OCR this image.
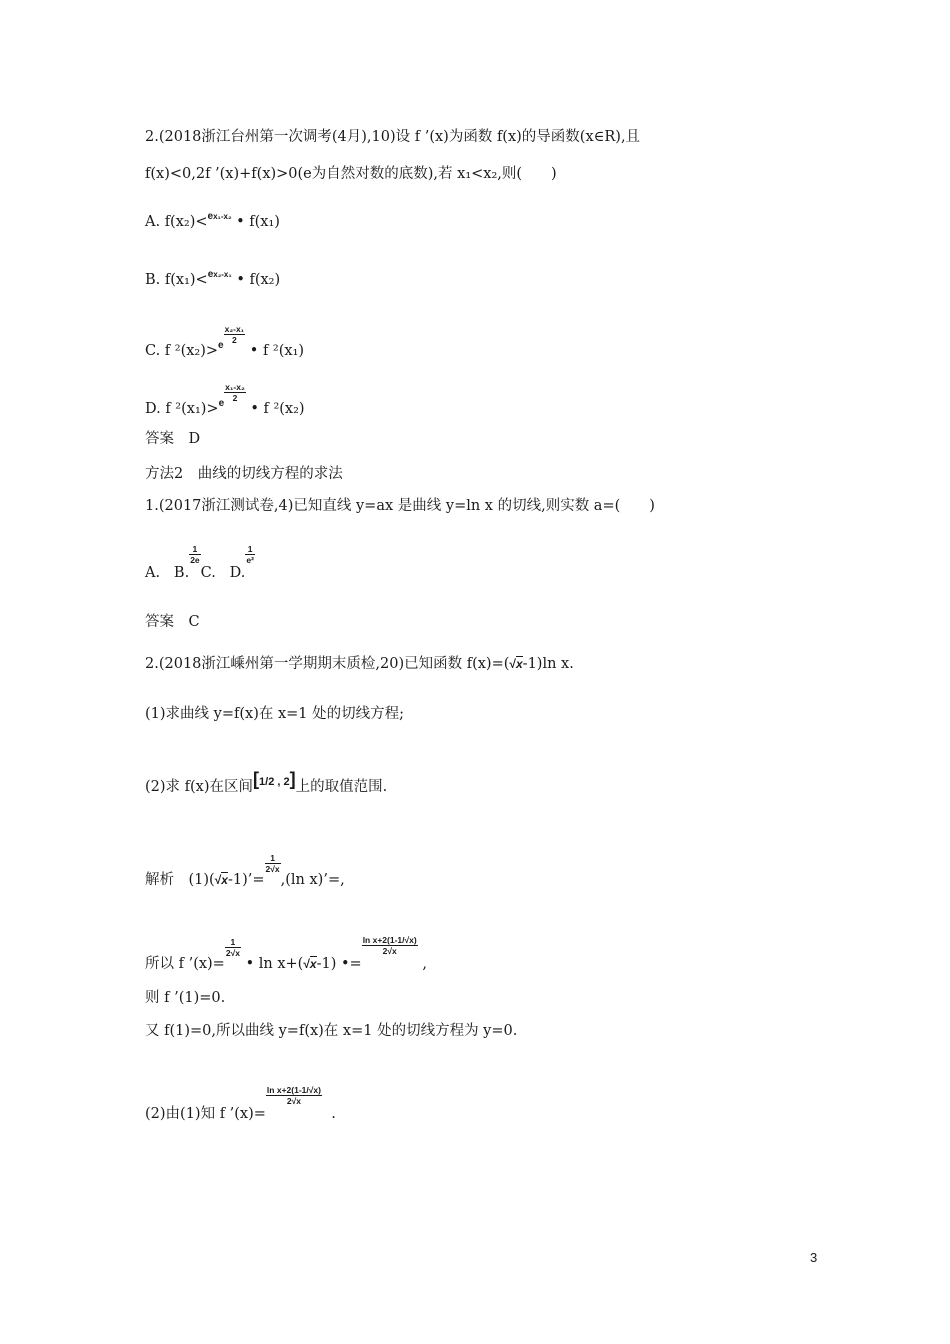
2.(2018浙江台州第一次调考(4月),10)设 f ’(x)为函数 f(x)的导函数(x∈R),且
f(x)<0,2f ’(x)+f(x)>0(e为自然对数的底数),若 x₁<x₂,则(　　)
A. f(x₂)<ex₁-x₂ • f(x₁)
B. f(x₁)<ex₂-x₁ • f(x₂)
C. f ²(x₂)>e
$\frac{\text{x₂-x₁}}{2}$
• f ²(x₁)
D. f ²(x₁)>e
$\frac{\text{x₁-x₂}}{2}$
• f ²(x₂)
答案　D
方法2　曲线的切线方程的求法
1.(2017浙江测试卷,4)已知直线 y=ax 是曲线 y=ln x 的切线,则实数 a=(　　)
A. B.
$\frac{1}{2e}$
C. D.
$\frac{1}{\text{e²}}$
答案　C
2.(2018浙江嵊州第一学期期末质检,20)已知函数 f(x)=(√x-1)ln x.
(1)求曲线 y=f(x)在 x=1 处的切线方程;
(2)求 f(x)在区间[1/2 , 2]上的取值范围.
解析　(1)(√x-1)’=
$\frac{1}{2√x}$
,(ln x)’=,
所以 f ’(x)=
$\frac{1}{2√x}$
• ln x+(√x-1) •=
$\frac{\text{ln x+2(1-1/√x)}}{2√x}$
,
则 f ’(1)=0.
又 f(1)=0,所以曲线 y=f(x)在 x=1 处的切线方程为 y=0.
(2)由(1)知 f ’(x)=
$\frac{\text{ln x+2(1-1/√x)}}{2√x}$
.
3
